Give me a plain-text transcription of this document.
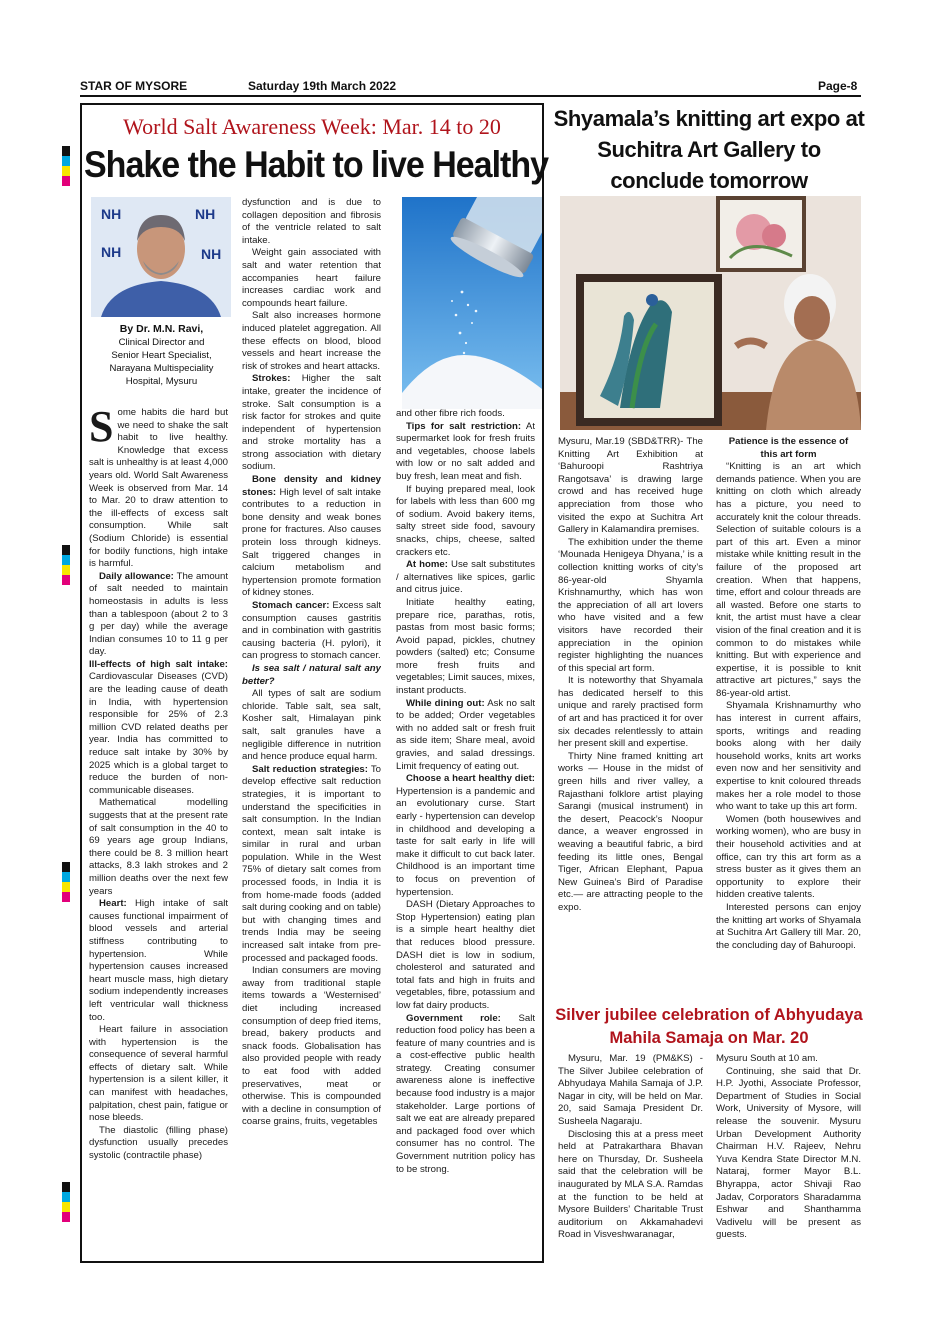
STAR OF MYSORE	Saturday 19th March 2022	Page-8
World Salt Awareness Week: Mar. 14 to 20
Shake the Habit to live Healthy
NH	NH
NH	NH
By Dr. M.N. Ravi,
Clinical Director and
Senior Heart Specialist,
Narayana Multispeciality
Hospital, Mysuru

Some habits die hard but we need to shake the salt habit to live healthy. Knowledge that excess salt is unhealthy is at least 4,000 years old. World Salt Awareness Week is observed from Mar. 14 to Mar. 20 to draw attention to the ill-effects of excess salt consumption. While salt (Sodium Chloride) is essential for bodily functions, high intake is harmful.

Daily allowance: The amount of salt needed to maintain homeostasis in adults is less than a tablespoon (about 2 to 3 g per day) while the average Indian consumes 10 to 11 g per day.

Ill-effects of high salt intake: Cardiovascular Diseases (CVD) are the leading cause of death in India, with hypertension responsible for 25% of 2.3 million CVD related deaths per year. India has committed to reduce salt intake by 30% by 2025 which is a global target to reduce the burden of non-communicable diseases.

Mathematical modelling suggests that at the present rate of salt consumption in the 40 to 69 years age group Indians, there could be 8. 3 million heart attacks, 8.3 lakh strokes and 2 million deaths over the next few years

Heart: High intake of salt causes functional impairment of blood vessels and arterial stiffness contributing to hypertension. While hypertension causes increased heart muscle mass, high dietary sodium independently increases left ventricular wall thickness too.

Heart failure in association with hypertension is the consequence of several harmful effects of dietary salt. While hypertension is a silent killer, it can manifest with headaches, palpitation, chest pain, fatigue or nose bleeds.

The diastolic (filling phase) dysfunction usually precedes systolic (contractile phase)

dysfunction and is due to collagen deposition and fibrosis of the ventricle related to salt intake.

Weight gain associated with salt and water retention that accompanies heart failure increases cardiac work and compounds heart failure.

Salt also increases hormone induced platelet aggregation. All these effects on blood, blood vessels and heart increase the risk of strokes and heart attacks.

Strokes: Higher the salt intake, greater the incidence of stroke. Salt consumption is a risk factor for strokes and quite independent of hypertension and stroke mortality has a strong association with dietary sodium.

Bone density and kidney stones: High level of salt intake contributes to a reduction in bone density and weak bones prone for fractures. Also causes protein loss through kidneys. Salt triggered changes in calcium metabolism and hypertension promote formation of kidney stones.

Stomach cancer: Excess salt consumption causes gastritis and in combination with gastritis causing bacteria (H. pylori), it can progress to stomach cancer.

Is sea salt / natural salt any better?

All types of salt are sodium chloride. Table salt, sea salt, Kosher salt, Himalayan pink salt, salt granules have a negligible difference in nutrition and hence produce equal harm.

Salt reduction strategies: To develop effective salt reduction strategies, it is important to understand the specificities in salt consumption. In the Indian context, mean salt intake is similar in rural and urban population. While in the West 75% of dietary salt comes from processed foods, in India it is from home-made foods (added salt during cooking and on table) but with changing times and trends India may be seeing increased salt intake from pre-processed and packaged foods.

Indian consumers are moving away from traditional staple items towards a ‘Westernised’ diet including increased consumption of deep fried items, bread, bakery products and snack foods. Globalisation has also provided people with ready to eat food with added preservatives, meat or otherwise. This is compounded with a decline in consumption of coarse grains, fruits, vegetables

and other fibre rich foods.

Tips for salt restriction: At supermarket look for fresh fruits and vegetables, choose labels with low or no salt added and buy fresh, lean meat and fish.

If buying prepared meal, look for labels with less than 600 mg of sodium. Avoid bakery items, salty street side food, savoury snacks, chips, cheese, salted crackers etc.

At home: Use salt substitutes / alternatives like spices, garlic and citrus juice.

Initiate healthy eating, prepare rice, parathas, rotis, pastas from most basic forms; Avoid papad, pickles, chutney powders (salted) etc; Consume more fresh fruits and vegetables; Limit sauces, mixes, instant products.

While dining out: Ask no salt to be added; Order vegetables with no added salt or fresh fruit as side item; Share meal, avoid gravies, and salad dressings. Limit frequency of eating out.

Choose a heart healthy diet: Hypertension is a pandemic and an evolutionary curse. Start early - hypertension can develop in childhood and developing a taste for salt early in life will make it difficult to cut back later. Childhood is an important time to focus on prevention of hypertension.

DASH (Dietary Approaches to Stop Hypertension) eating plan is a simple heart healthy diet that reduces blood pressure. DASH diet is low in sodium, cholesterol and saturated and total fats and high in fruits and vegetables, fibre, potassium and low fat dairy products.

Government role: Salt reduction food policy has been a feature of many countries and is a cost-effective public health strategy. Creating consumer awareness alone is ineffective because food industry is a major stakeholder. Large portions of salt we eat are already prepared and packaged food over which consumer has no control. The Government nutrition policy has to be strong.

Shyamala’s knitting art expo at Suchitra Art Gallery to conclude tomorrow

Mysuru, Mar.19 (SBD&TRR)- The Knitting Art Exhibition at ‘Bahuroopi Rashtriya Rangotsava’ is drawing large crowd and has received huge appreciation from those who visited the expo at Suchitra Art Gallery in Kalamandira premises.

The exhibition under the theme ‘Mounada Henigeya Dhyana,’ is a collection knitting works of city’s 86-year-old Shyamla Krishnamurthy, which has won the appreciation of all art lovers who have visited and a few visitors have recorded their appreciation in the opinion register highlighting the nuances of this special art form.

It is noteworthy that Shyamala has dedicated herself to this unique and rarely practised form of art and has practiced it for over six decades relentlessly to attain her present skill and expertise.

Thirty Nine framed knitting art works — House in the midst of green hills and river valley, a Rajasthani folklore artist playing Sarangi (musical instrument) in the desert, Peacock’s Noopur dance, a weaver engrossed in weaving a beautiful fabric, a bird feeding its little ones, Bengal Tiger, African Elephant, Papua New Guinea’s Bird of Paradise etc.— are attracting people to the expo.

Patience is the essence of this art form

“Knitting is an art which demands patience. When you are knitting on cloth which already has a picture, you need to accurately knit the colour threads. Selection of suitable colours is a part of this art. Even a minor mistake while knitting result in the failure of the proposed art creation. When that happens, time, effort and colour threads are all wasted. Before one starts to knit, the artist must have a clear vision of the final creation and it is common to do mistakes while knitting. But with experience and expertise, it is possible to knit attractive art pictures,” says the 86-year-old artist.

Shyamala Krishnamurthy who has interest in current affairs, sports, writings and reading books along with her daily household works, knits art works even now and her sensitivity and expertise to knit coloured threads makes her a role model to those who want to take up this art form.

Women (both housewives and working women), who are busy in their household activities and at office, can try this art form as a stress buster as it gives them an opportunity to explore their hidden creative talents.

Interested persons can enjoy the knitting art works of Shyamala at Suchitra Art Gallery till Mar. 20, the concluding day of Bahuroopi.

Silver jubilee celebration of Abhyudaya Mahila Samaja on Mar. 20

Mysuru, Mar. 19 (PM&KS) - The Silver Jubilee celebration of Abhyudaya Mahila Samaja of J.P. Nagar in city, will be held on Mar. 20, said Samaja President Dr. Susheela Nagaraju.

Disclosing this at a press meet held at Patrakarthara Bhavan here on Thursday, Dr. Susheela said that the celebration will be inaugurated by MLA S.A. Ramdas at the function to be held at Mysore Builders’ Charitable Trust auditorium on Akkamahadevi Road in Visveshwaranagar,

Mysuru South at 10 am.

Continuing, she said that Dr. H.P. Jyothi, Associate Professor, Department of Studies in Social Work, University of Mysore, will release the souvenir. Mysuru Urban Development Authority Chairman H.V. Rajeev, Nehru Yuva Kendra State Director M.N. Nataraj, former Mayor B.L. Bhyrappa, actor Shivaji Rao Jadav, Corporators Sharadamma Eshwar and Shanthamma Vadivelu will be present as guests.
